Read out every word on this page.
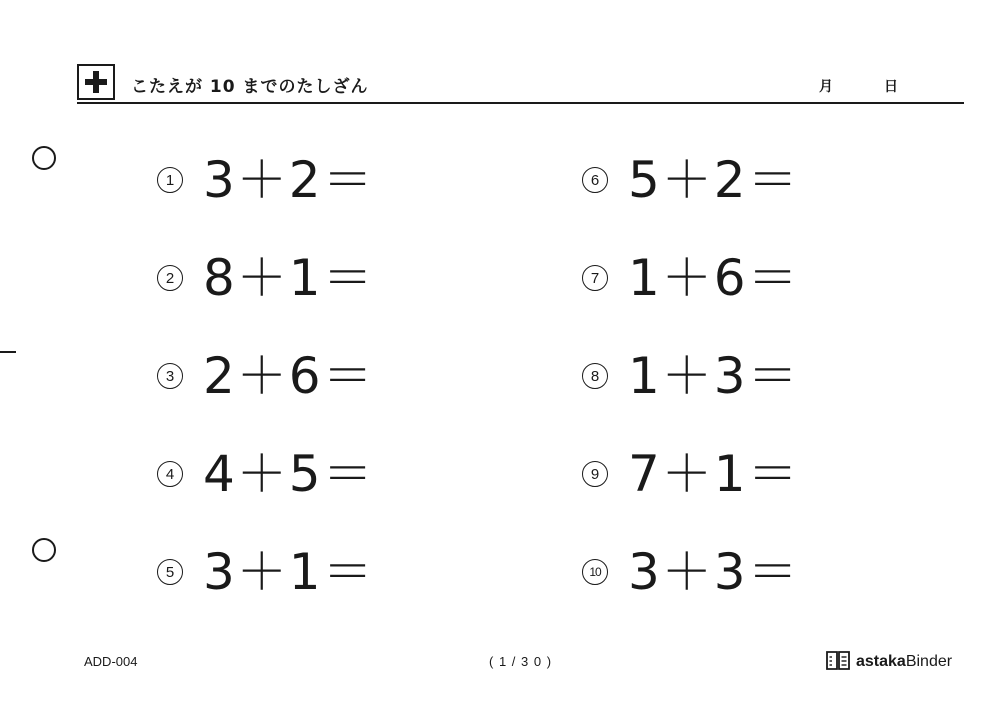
こたえが 10 までのたしざん	月	日
1 3＋2＝
2 8＋1＝
3 2＋6＝
4 4＋5＝
5 3＋1＝
6 5＋2＝
7 1＋6＝
8 1＋3＝
9 7＋1＝
10 3＋3＝
ADD-004	( 1 / 3 0 )	astakaBinder
